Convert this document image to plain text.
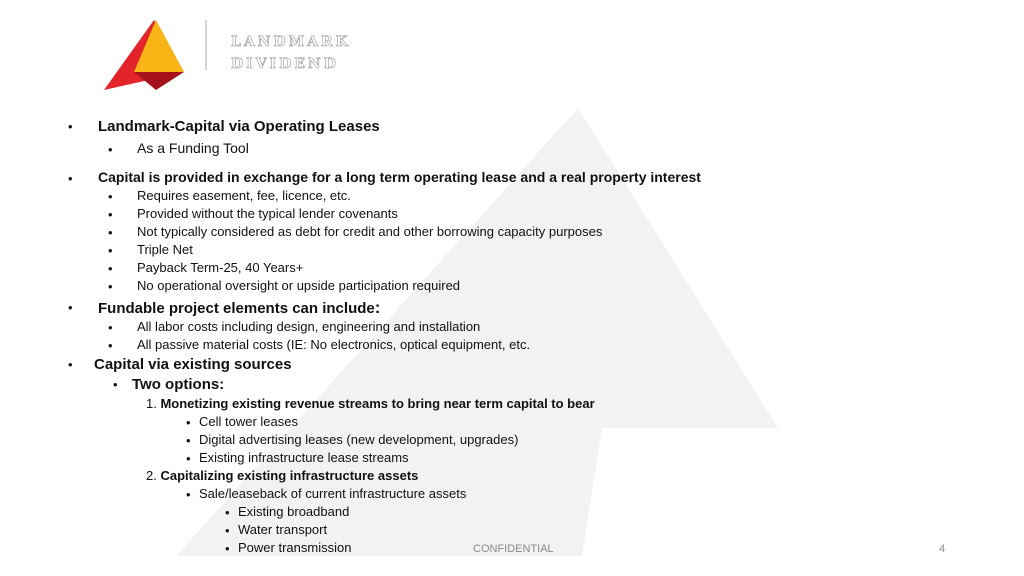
LANDMARK
DIVIDEND
• Landmark-Capital via Operating Leases
• As a Funding Tool
• Capital is provided in exchange for a long term operating lease and a real property interest
• Requires easement, fee, licence, etc.
• Provided without the typical lender covenants
• Not typically considered as debt for credit and other borrowing capacity purposes
• Triple Net
• Payback Term-25, 40 Years+
• No operational oversight or upside participation required
• Fundable project elements can include:
• All labor costs including design, engineering and installation
• All passive material costs (IE: No electronics, optical equipment, etc.
• Capital via existing sources
• Two options:
1. Monetizing existing revenue streams to bring near term capital to bear
• Cell tower leases
• Digital advertising leases (new development, upgrades)
• Existing infrastructure lease streams
2. Capitalizing existing infrastructure assets
• Sale/leaseback of current infrastructure assets
• Existing broadband
• Water transport
• Power transmission	CONFIDENTIAL	4
